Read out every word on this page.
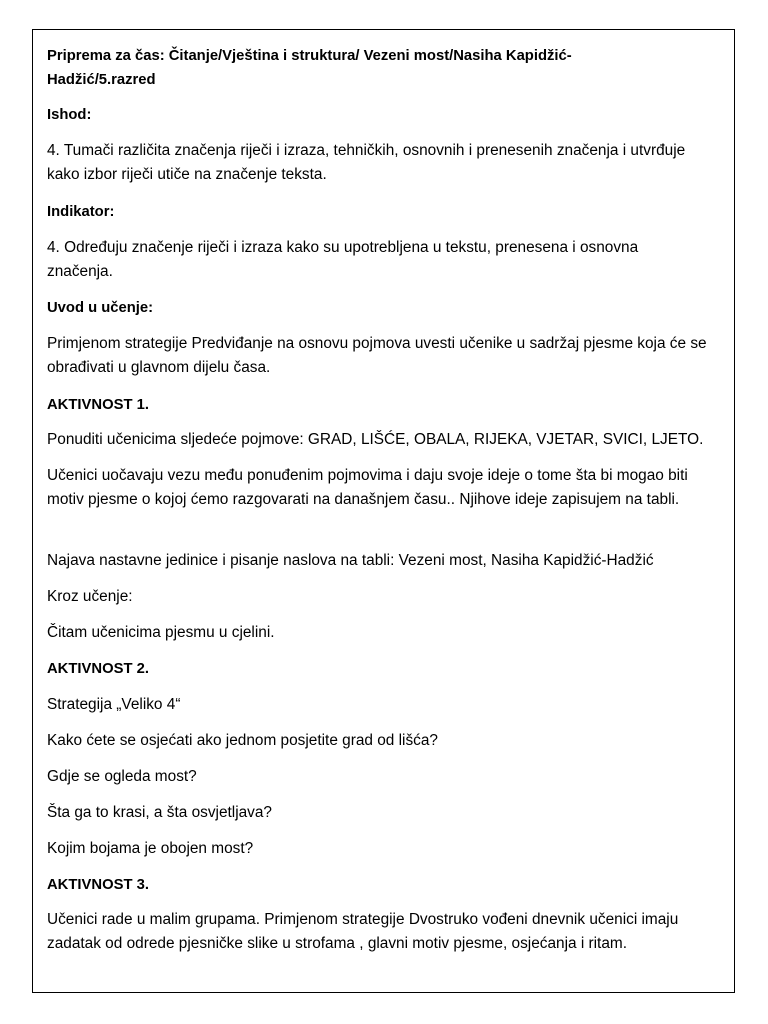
Priprema za čas: Čitanje/Vještina i struktura/ Vezeni most/Nasiha Kapidžić-Hadžić/5.razred
Ishod:
4. Tumači različita značenja riječi i izraza, tehničkih, osnovnih i prenesenih značenja i utvrđuje kako izbor riječi utiče na značenje teksta.
Indikator:
4. Određuju značenje riječi i izraza kako su upotrebljena u tekstu, prenesena i osnovna značenja.
Uvod u učenje:
Primjenom strategije Predviđanje na osnovu pojmova uvesti učenike u sadržaj pjesme koja će se obrađivati u glavnom dijelu časa.
AKTIVNOST 1.
Ponuditi učenicima sljedeće pojmove: GRAD, LIŠĆE, OBALA, RIJEKA, VJETAR, SVICI, LJETO.
Učenici uočavaju vezu među ponuđenim pojmovima i daju svoje ideje o tome šta bi mogao biti motiv pjesme o kojoj ćemo razgovarati na današnjem času.. Njihove ideje zapisujem na tabli.
Najava nastavne jedinice i pisanje naslova na tabli: Vezeni most, Nasiha Kapidžić-Hadžić
Kroz učenje:
Čitam učenicima pjesmu u cjelini.
AKTIVNOST 2.
Strategija „Veliko 4“
Kako ćete se osjećati ako jednom posjetite grad od lišća?
Gdje se ogleda most?
Šta ga to krasi, a šta osvjetljava?
Kojim bojama je obojen most?
AKTIVNOST 3.
Učenici rade u malim grupama. Primjenom strategije Dvostruko vođeni dnevnik učenici imaju zadatak od odrede pjesničke slike u strofama , glavni motiv pjesme, osjećanja i ritam.
